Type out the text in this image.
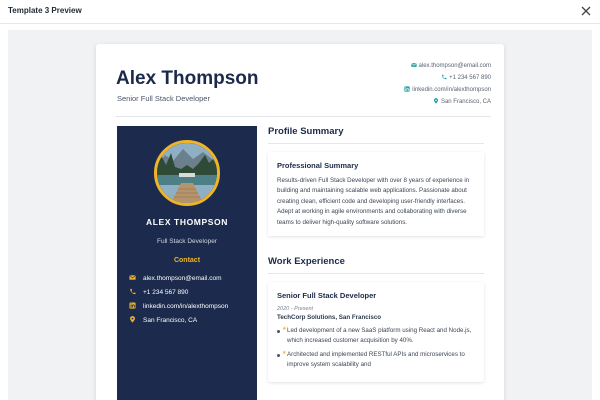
Template 3 Preview
Alex Thompson
Senior Full Stack Developer
alex.thompson@email.com
+1 234 567 890
linkedin.com/in/alexthompson
San Francisco, CA
ALEX THOMPSON
Full Stack Developer
Contact
alex.thompson@email.com
+1 234 567 890
linkedin.com/in/alexthompson
San Francisco, CA
Profile Summary
Professional Summary
Results-driven Full Stack Developer with over 8 years of experience in building and maintaining scalable web applications. Passionate about creating clean, efficient code and developing user-friendly interfaces. Adept at working in agile environments and collaborating with diverse teams to deliver high-quality software solutions.
Work Experience
Senior Full Stack Developer
2020 - Present
TechCorp Solutions, San Francisco
★ Led development of a new SaaS platform using React and Node.js, which increased customer acquisition by 40%.
★ Architected and implemented RESTful APIs and microservices to improve system scalability and
